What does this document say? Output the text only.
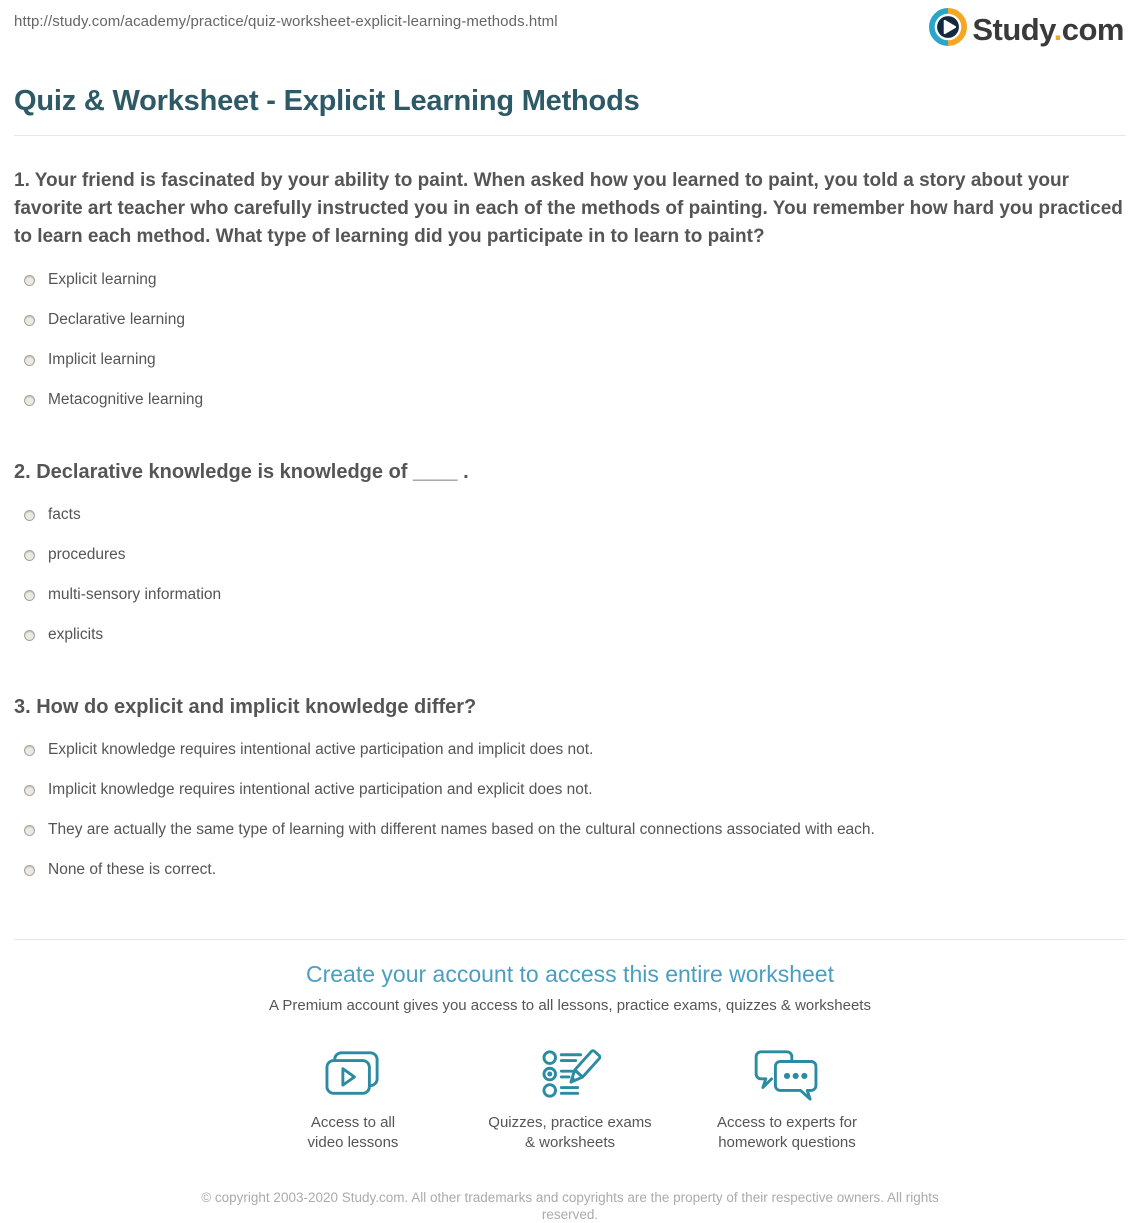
http://study.com/academy/practice/quiz-worksheet-explicit-learning-methods.html	Study.com
Quiz & Worksheet - Explicit Learning Methods

1. Your friend is fascinated by your ability to paint. When asked how you learned to paint, you told a story about your favorite art teacher who carefully instructed you in each of the methods of painting. You remember how hard you practiced to learn each method. What type of learning did you participate in to learn to paint?

Explicit learning
Declarative learning
Implicit learning
Metacognitive learning

2. Declarative knowledge is knowledge of ____ .

facts
procedures
multi-sensory information
explicits

3. How do explicit and implicit knowledge differ?

Explicit knowledge requires intentional active participation and implicit does not.
Implicit knowledge requires intentional active participation and explicit does not.
They are actually the same type of learning with different names based on the cultural connections associated with each.
None of these is correct.
Create your account to access this entire worksheet

A Premium account gives you access to all lessons, practice exams, quizzes & worksheets

Access to all
video lessons
Quizzes, practice exams
& worksheets
Access to experts for
homework questions
© copyright 2003-2020 Study.com. All other trademarks and copyrights are the property of their respective owners. All rights
reserved.
